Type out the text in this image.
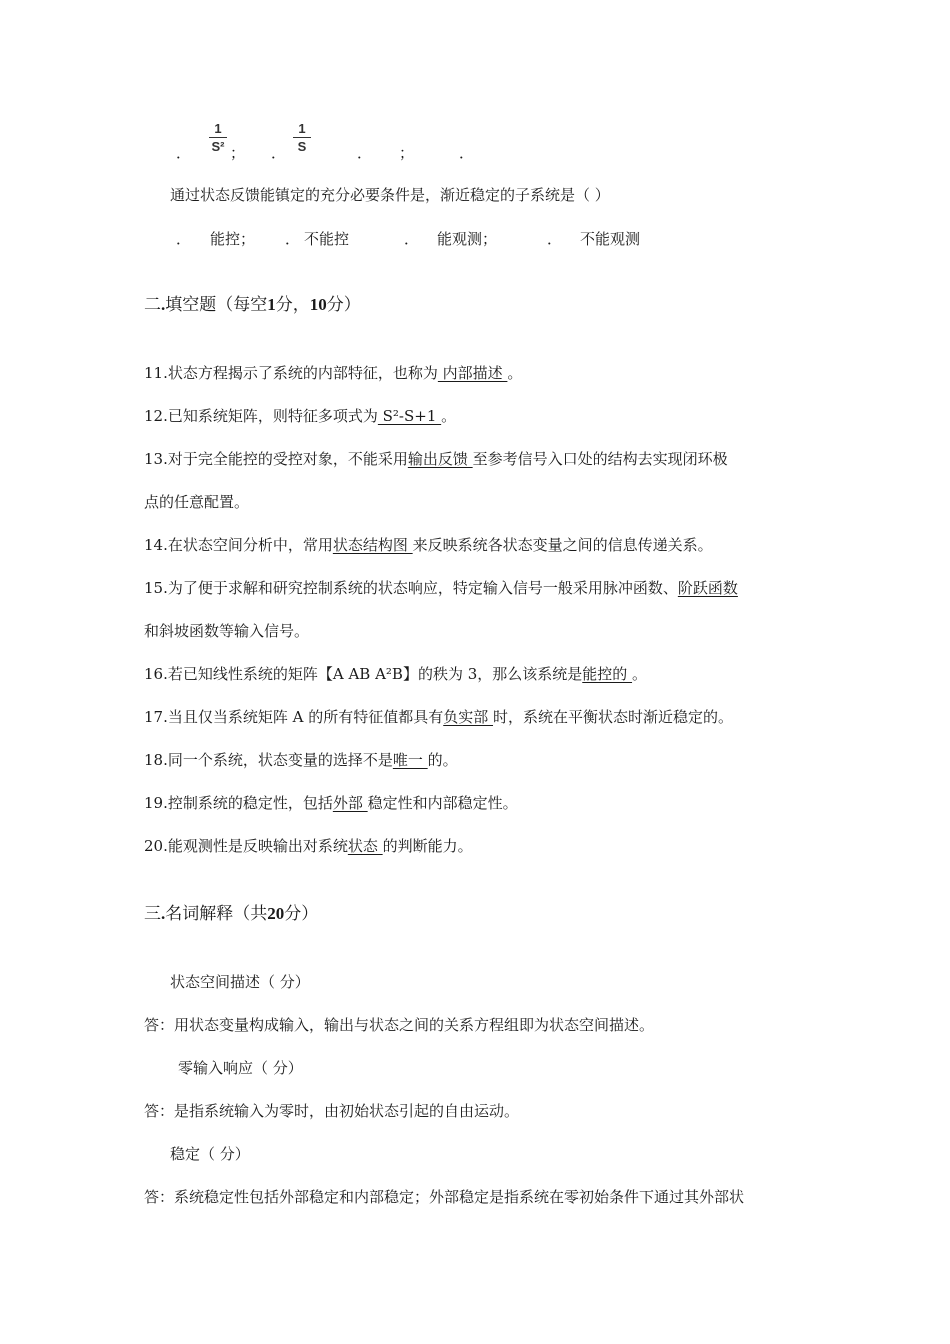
．
1
S² ； ．
1
S	． ；	．
通过状态反馈能镇定的充分必要条件是，渐近稳定的子系统是（ ）
． 能控； ． 不能控	． 能观测；	． 不能观测
二.填空题（每空1分，10分）
11.状态方程揭示了系统的内部特征，也称为 内部描述 。
12.已知系统矩阵，则特征多项式为 S²-S+1 。
13.对于完全能控的受控对象，不能采用输出反馈 至参考信号入口处的结构去实现闭环极
点的任意配置。
14.在状态空间分析中，常用状态结构图 来反映系统各状态变量之间的信息传递关系。
15.为了便于求解和研究控制系统的状态响应，特定输入信号一般采用脉冲函数、阶跃函数
和斜坡函数等输入信号。
16.若已知线性系统的矩阵【A AB A²B】的秩为 3，那么该系统是能控的 。
17.当且仅当系统矩阵 A 的所有特征值都具有负实部 时，系统在平衡状态时渐近稳定的。
18.同一个系统，状态变量的选择不是唯一 的。
19.控制系统的稳定性，包括外部 稳定性和内部稳定性。
20.能观测性是反映输出对系统状态 的判断能力。
三.名词解释（共20分）
状态空间描述（ 分）
答：用状态变量构成输入，输出与状态之间的关系方程组即为状态空间描述。
零输入响应（ 分）
答：是指系统输入为零时，由初始状态引起的自由运动。
稳定（ 分）
答：系统稳定性包括外部稳定和内部稳定；外部稳定是指系统在零初始条件下通过其外部状
